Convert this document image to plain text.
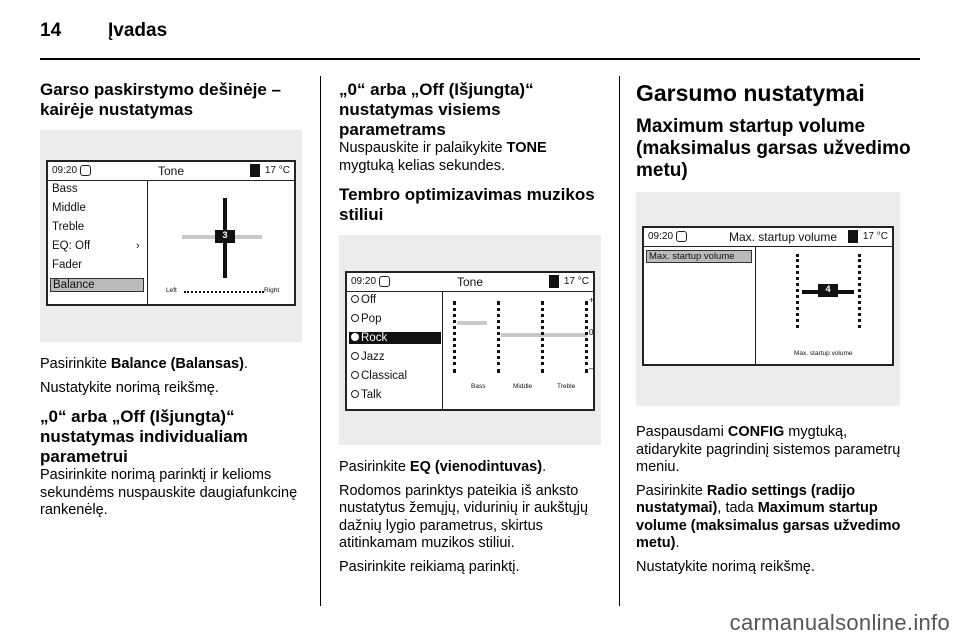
14 Įvadas
Garso paskirstymo dešinėje – kairėje nustatymas
09:20	Tone	17 °C
Bass
Middle
Treble
EQ: Off	›
Fader
Balance
3
Left	Right

Pasirinkite Balance (Balansas).

Nustatykite norimą reikšmę.

„0“ arba „Off (Išjungta)“ nustatymas individualiam parametrui

Pasirinkite norimą parinktį ir kelioms sekundėms nuspauskite daugiafunkcinę rankenėlę.

„0“ arba „Off (Išjungta)“ nustatymas visiems parametrams

Nuspauskite ir palaikykite TONE mygtuką kelias sekundes.

Tembro optimizavimas muzikos stiliui
09:20	Tone	17 °C
Off
Pop
Rock
Jazz
Classical
Talk
+
0
–
Bass	Middle	Treble

Pasirinkite EQ (vienodintuvas).

Rodomos parinktys pateikia iš anksto nustatytus žemųjų, vidurinių ir aukštųjų dažnių lygio parametrus, skirtus atitinkamam muzikos stiliui.

Pasirinkite reikiamą parinktį.

Garsumo nustatymai
Maximum startup volume (maksimalus garsas užvedimo metu)
09:20	Max. startup volume	17 °C
Max. startup volume
4
Max. startup volume

Paspausdami CONFIG mygtuką, atidarykite pagrindinį sistemos parametrų meniu.

Pasirinkite Radio settings (radijo nustatymai), tada Maximum startup volume (maksimalus garsas užvedimo metu).

Nustatykite norimą reikšmę.

carmanualsonline.info
